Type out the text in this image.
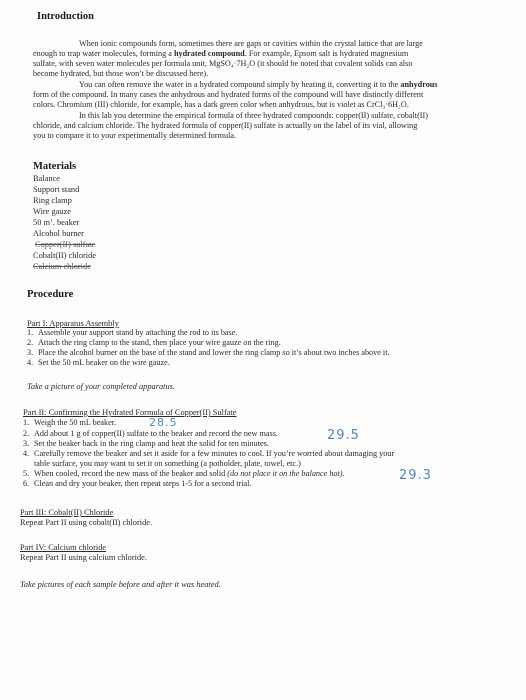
Introduction
When ionic compounds form, sometimes there are gaps or cavities within the crystal lattice that are large
enough to trap water molecules, forming a hydrated compound. For example, Epsom salt is hydrated magnesium
sulfate, with seven water molecules per formula unit, MgSO₄·7H₂O (it should be noted that covalent solids can also
become hydrated, but those won’t be discussed here).
You can often remove the water in a hydrated compound simply by heating it, converting it to the anhydrous
form of the compound. In many cases the anhydrous and hydrated forms of the compound will have distinctly different
colors. Chromium (III) chloride, for example, has a dark green color when anhydrous, but is violet as CrCl₃·6H₂O.
In this lab you determine the empirical formula of three hydrated compounds: copper(II) sulfate, cobalt(II)
chloride, and calcium chloride. The hydrated formula of copper(II) sulfate is actually on the label of its vial, allowing
you to compare it to your experimentally determined formula.
Materials
Balance
Support stand
Ring clamp
Wire gauze
50 m’. beaker
Alcohol burner
Copper(II) sulfate
Cobalt(II) chloride
Calcium chloride
Procedure
Part I: Apparatus Assembly
1. Assemble your support stand by attaching the rod to its base.
2. Attach the ring clamp to the stand, then place your wire gauze on the ring.
3. Place the alcohol burner on the base of the stand and lower the ring clamp so it’s about two inches above it.
4. Set the 50 mL beaker on the wire gauze.
Take a picture of your completed apparatus.
Part II: Confirming the Hydrated Formula of Copper(II) Sulfate
1. Weigh the 50 mL beaker.	28.5
2. Add about 1 g of copper(II) sulfate to the beaker and record the new mass.	29.5
3. Set the beaker back in the ring clamp and heat the solid for ten minutes.
4. Carefully remove the beaker and set it aside for a few minutes to cool. If you’re worried about damaging your
table surface, you may want to set it on something (a potholder, plate, towel, etc.)
5. When cooled, record the new mass of the beaker and solid (do not place it on the balance hot).	29.3
6. Clean and dry your beaker, then repeat steps 1-5 for a second trial.
Part III: Cobalt(II) Chloride
Repeat Part II using cobalt(II) chloride.
Part IV: Calcium chloride
Repeat Part II using calcium chloride.
Take pictures of each sample before and after it was heated.
